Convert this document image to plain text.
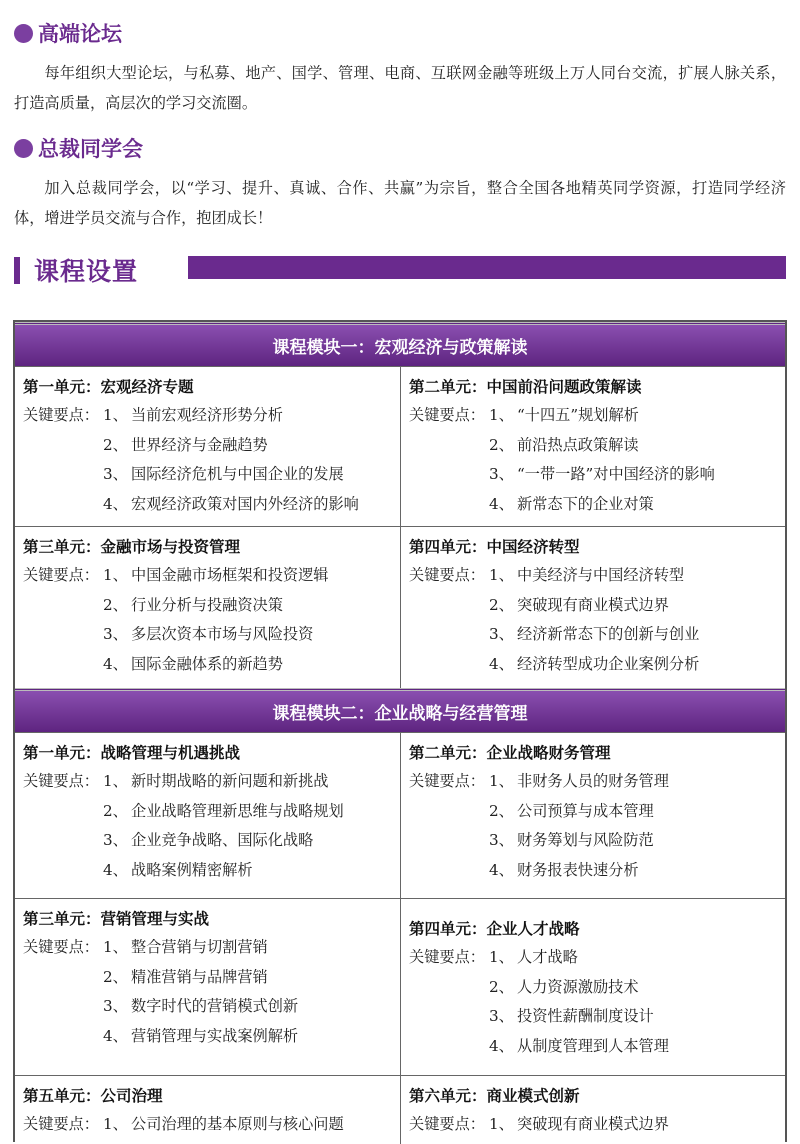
高端论坛

每年组织大型论坛，与私募、地产、国学、管理、电商、互联网金融等班级上万人同台交流，扩展人脉关系，打造高质量，高层次的学习交流圈。

总裁同学会

加入总裁同学会，以“学习、提升、真诚、合作、共赢”为宗旨，整合全国各地精英同学资源，打造同学经济体，增进学员交流与合作，抱团成长！

课程设置
课程模块一：宏观经济与政策解读
第一单元：宏观经济专题
关键要点： 1、 当前宏观经济形势分析
2、 世界经济与金融趋势
3、 国际经济危机与中国企业的发展
4、 宏观经济政策对国内外经济的影响
第二单元：中国前沿问题政策解读
关键要点： 1、 “十四五”规划解析
2、 前沿热点政策解读
3、 “一带一路”对中国经济的影响
4、 新常态下的企业对策
第三单元：金融市场与投资管理
关键要点： 1、 中国金融市场框架和投资逻辑
2、 行业分析与投融资决策
3、 多层次资本市场与风险投资
4、 国际金融体系的新趋势
第四单元：中国经济转型
关键要点： 1、 中美经济与中国经济转型
2、 突破现有商业模式边界
3、 经济新常态下的创新与创业
4、 经济转型成功企业案例分析
课程模块二：企业战略与经营管理
第一单元：战略管理与机遇挑战
关键要点： 1、 新时期战略的新问题和新挑战
2、 企业战略管理新思维与战略规划
3、 企业竞争战略、国际化战略
4、 战略案例精密解析
第二单元：企业战略财务管理
关键要点： 1、 非财务人员的财务管理
2、 公司预算与成本管理
3、 财务筹划与风险防范
4、 财务报表快速分析
第三单元：营销管理与实战
关键要点： 1、 整合营销与切割营销
2、 精准营销与品牌营销
3、 数字时代的营销模式创新
4、 营销管理与实战案例解析
第四单元：企业人才战略
关键要点： 1、 人才战略
2、 人力资源激励技术
3、 投资性薪酬制度设计
4、 从制度管理到人本管理
第五单元：公司治理
关键要点： 1、 公司治理的基本原则与核心问题
第六单元：商业模式创新
关键要点： 1、 突破现有商业模式边界
